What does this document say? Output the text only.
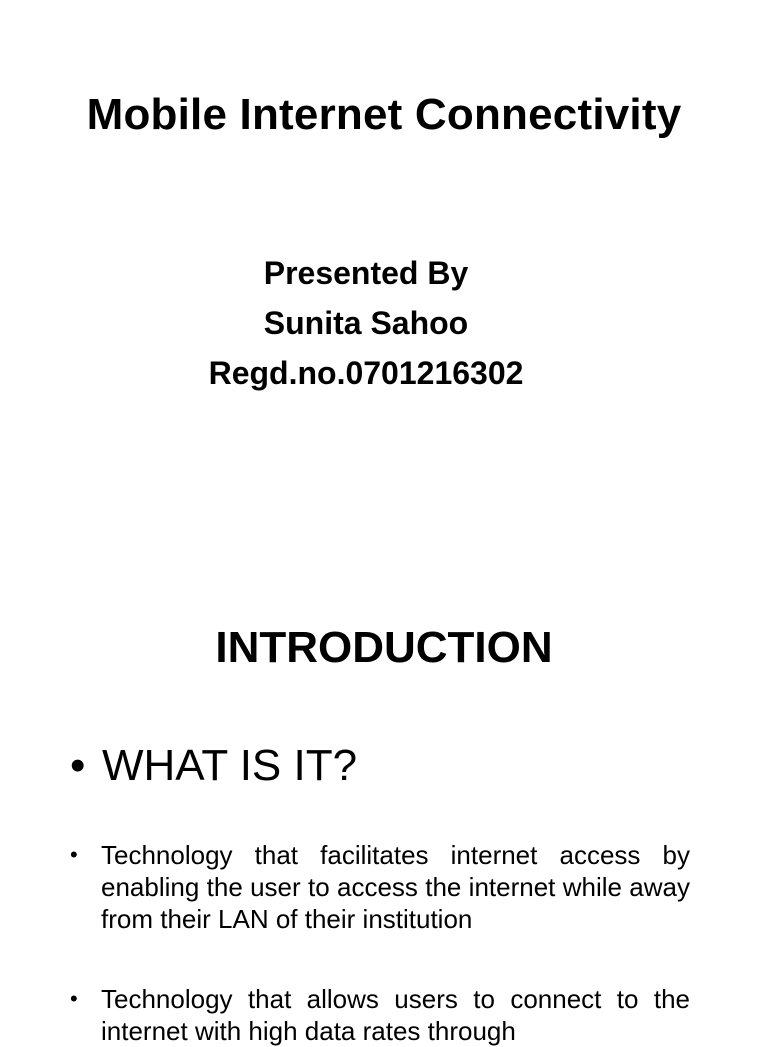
Mobile Internet Connectivity
Presented By
Sunita Sahoo
Regd.no.0701216302
INTRODUCTION
• WHAT IS IT?
• Technology that facilitates internet access by enabling the user to access the internet while away from their LAN of their institution
• Technology that allows users to connect to the internet with high data rates through
